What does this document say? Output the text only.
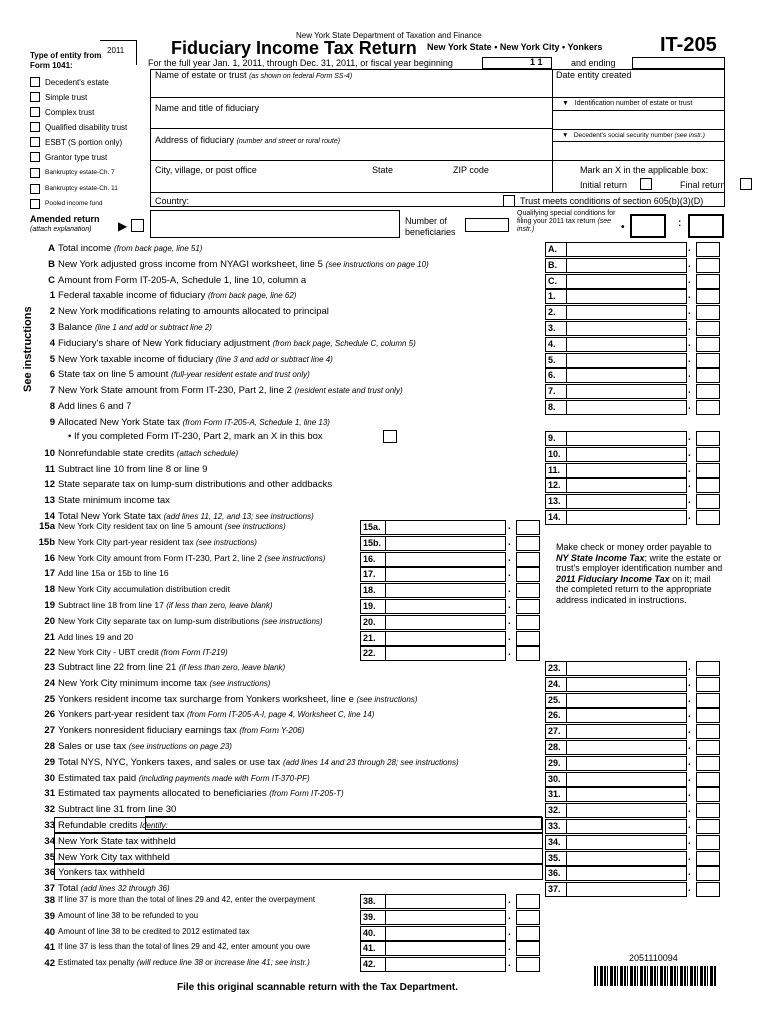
New York State Department of Taxation and Finance
2011	Fiduciary Income Tax Return New York State • New York City • Yonkers	IT-205
Type of entity from Form 1041:	For the full year Jan. 1, 2011, through Dec. 31, 2011, or fiscal year beginning	1 1	and ending
Decedent's estate
Simple trust
Complex trust
Qualified disability trust
ESBT (S portion only)
Grantor type trust
Bankruptcy estate-Ch. 7
Bankruptcy estate-Ch. 11
Pooled income fund
Name of estate or trust (as shown on federal Form SS-4)	Date entity created
Name and title of fiduciary	▼   Identification number of estate or trust
Address of fiduciary (number and street or rural route)
▼   Decedent's social security number (see instr.)
City, village, or post office	State	ZIP code	Mark an X in the applicable box:
Initial return	Final return
Country:	Trust meets conditions of section 605(b)(3)(D)
Amended return
(attach explanation) ▶	Number of beneficiaries
Qualifying special conditions for filing your 2011 tax return (see instr.)	•	:
See instructions
A Total income (from back page, line 51)	A.	.
B New York adjusted gross income from NYAGI worksheet, line 5 (see instructions on page 10)	B.	.
C Amount from Form IT-205-A, Schedule 1, line 10, column a	C.	.
1 Federal taxable income of fiduciary (from back page, line 62)	1.	.
2 New York modifications relating to amounts allocated to principal	2.	.
3 Balance (line 1 and add or subtract line 2)	3.	.
4 Fiduciary's share of New York fiduciary adjustment (from back page, Schedule C, column 5)	4.	.
5 New York taxable income of fiduciary (line 3 and add or subtract line 4)	5.	.
6 State tax on line 5 amount (full-year resident estate and trust only)	6.	.
7 New York State amount from Form IT-230, Part 2, line 2 (resident estate and trust only)	7.	.
8 Add lines 6 and 7	8.	.
9 Allocated New York State tax (from Form IT-205-A, Schedule 1, line 13)
• If you completed Form IT-230, Part 2, mark an X in this box	9.	.
10 Nonrefundable state credits (attach schedule)	10.	.
11 Subtract line 10 from line 8 or line 9	11.	.
12 State separate tax on lump-sum distributions and other addbacks	12.	.
13 State minimum income tax	13.	.
14 Total New York State tax (add lines 11, 12, and 13; see instructions)	14.	.
15a New York City resident tax on line 5 amount (see instructions)	15a.	.
15b New York City part-year resident tax (see instructions)	15b.	.
16 New York City amount from Form IT-230, Part 2, line 2 (see instructions)	16.	.
17 Add line 15a or 15b to line 16	17.	.
18 New York City accumulation distribution credit	18.	.
19 Subtract line 18 from line 17 (if less than zero, leave blank)	19.	.
20 New York City separate tax on lump-sum distributions (see instructions)	20.	.
21 Add lines 19 and 20	21.	.
22 New York City - UBT credit (from Form IT-219)	22.	.
23 Subtract line 22 from line 21 (if less than zero, leave blank)	23.	.
24 New York City minimum income tax (see instructions)	24.	.
25 Yonkers resident income tax surcharge from Yonkers worksheet, line e (see instructions)	25.	.
26 Yonkers part-year resident tax (from Form IT-205-A-I, page 4, Worksheet C, line 14)	26.	.
27 Yonkers nonresident fiduciary earnings tax (from Form Y-206)	27.	.
28 Sales or use tax (see instructions on page 23)	28.	.
29 Total NYS, NYC, Yonkers taxes, and sales or use tax (add lines 14 and 23 through 28; see instructions)	29.	.
30 Estimated tax paid (including payments made with Form IT-370-PF)	30.	.
31 Estimated tax payments allocated to beneficiaries (from Form IT-205-T)	31.	.
32 Subtract line 31 from line 30	32.	.
33 Refundable credits Identify:	33.	.
34 New York State tax withheld	34.	.
35 New York City tax withheld	35.	.
36 Yonkers tax withheld	36.	.
37 Total (add lines 32 through 36)	37.	.
38 If line 37 is more than the total of lines 29 and 42, enter the overpayment	38.	.
39 Amount of line 38 to be refunded to you	39.	.
40 Amount of line 38 to be credited to 2012 estimated tax	40.	.
41 If line 37 is less than the total of lines 29 and 42, enter amount you owe	41.	.
42 Estimated tax penalty (will reduce line 38 or increase line 41; see instr.)	42.	.
Make check or money order payable to NY State Income Tax; write the estate or trust's employer identification number and 2011 Fiduciary Income Tax on it; mail the completed return to the appropriate address indicated in instructions.
2051110094
File this original scannable return with the Tax Department.
